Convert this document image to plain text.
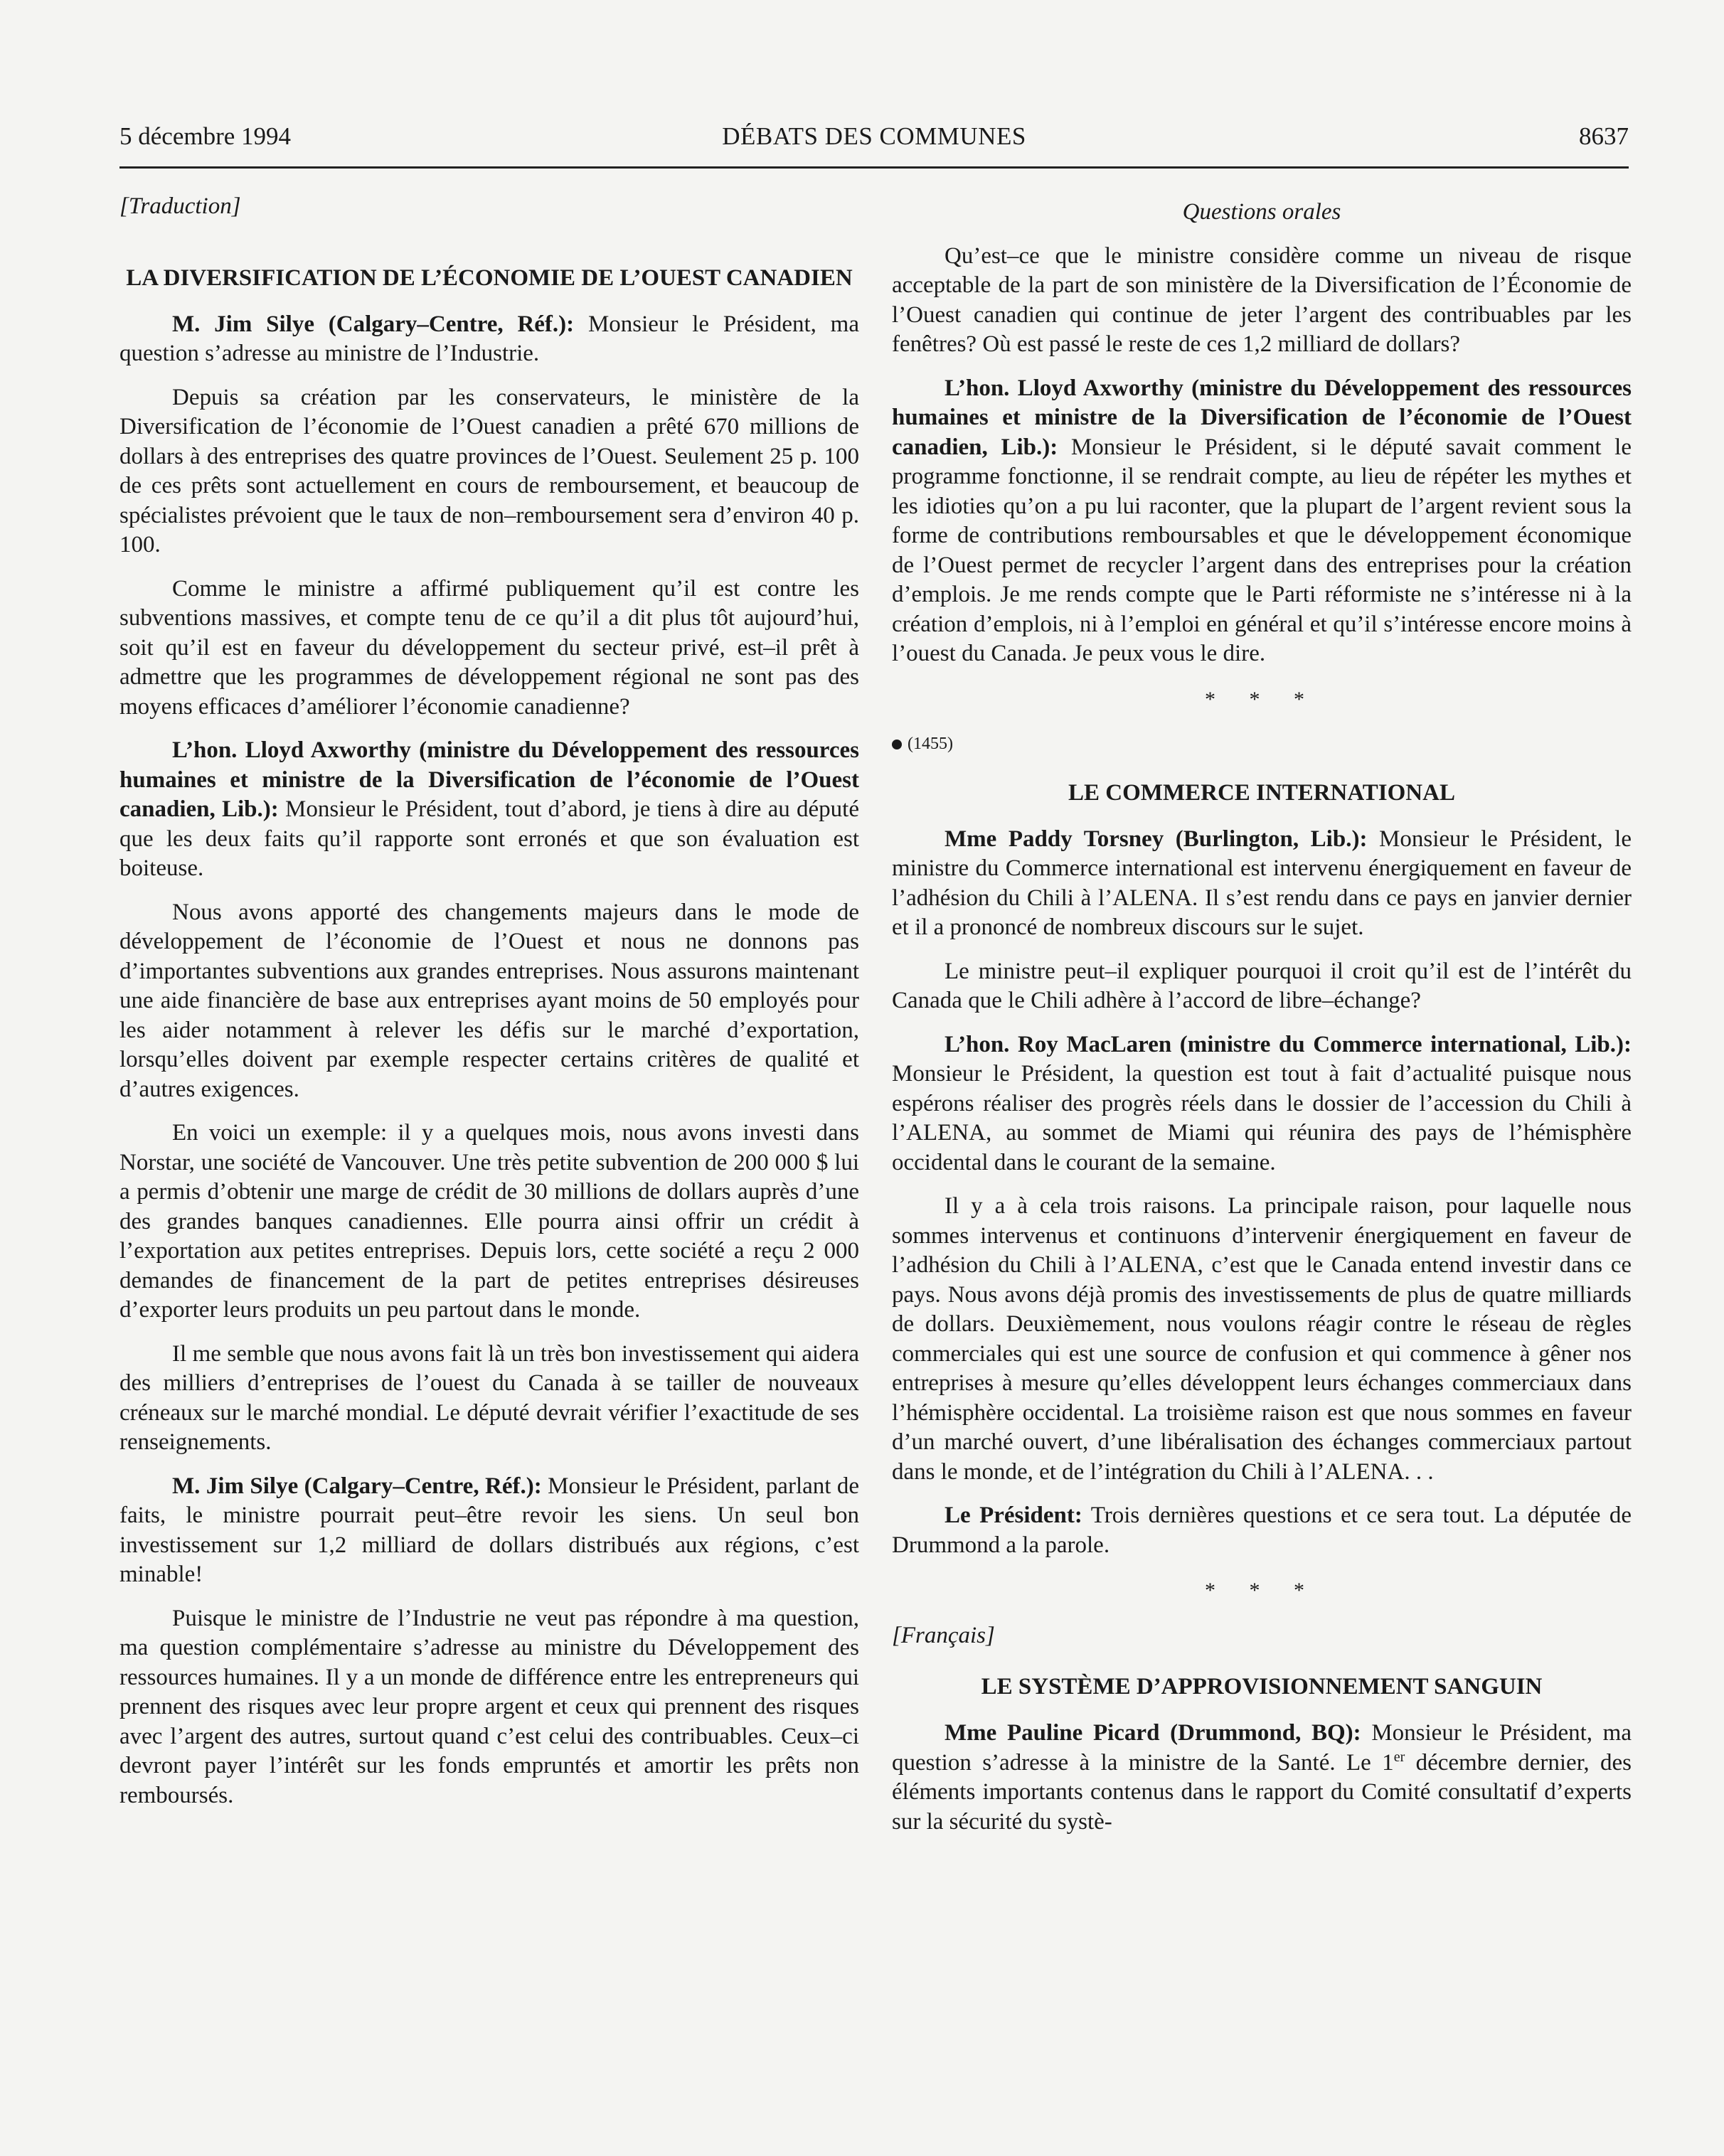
5 décembre 1994	DÉBATS DES COMMUNES	8637
[Traduction]
LA DIVERSIFICATION DE L’ÉCONOMIE DE L’OUEST CANADIEN

M. Jim Silye (Calgary–Centre, Réf.): Monsieur le Président, ma question s’adresse au ministre de l’Industrie.

Depuis sa création par les conservateurs, le ministère de la Diversification de l’économie de l’Ouest canadien a prêté 670 millions de dollars à des entreprises des quatre provinces de l’Ouest. Seulement 25 p. 100 de ces prêts sont actuellement en cours de remboursement, et beaucoup de spécialistes prévoient que le taux de non–remboursement sera d’environ 40 p. 100.

Comme le ministre a affirmé publiquement qu’il est contre les subventions massives, et compte tenu de ce qu’il a dit plus tôt aujourd’hui, soit qu’il est en faveur du développement du secteur privé, est–il prêt à admettre que les programmes de développement régional ne sont pas des moyens efficaces d’améliorer l’économie canadienne?

L’hon. Lloyd Axworthy (ministre du Développement des ressources humaines et ministre de la Diversification de l’économie de l’Ouest canadien, Lib.): Monsieur le Président, tout d’abord, je tiens à dire au député que les deux faits qu’il rapporte sont erronés et que son évaluation est boiteuse.

Nous avons apporté des changements majeurs dans le mode de développement de l’économie de l’Ouest et nous ne donnons pas d’importantes subventions aux grandes entreprises. Nous assurons maintenant une aide financière de base aux entreprises ayant moins de 50 employés pour les aider notamment à relever les défis sur le marché d’exportation, lorsqu’elles doivent par exemple respecter certains critères de qualité et d’autres exigences.

En voici un exemple: il y a quelques mois, nous avons investi dans Norstar, une société de Vancouver. Une très petite subvention de 200 000 $ lui a permis d’obtenir une marge de crédit de 30 millions de dollars auprès d’une des grandes banques canadiennes. Elle pourra ainsi offrir un crédit à l’exportation aux petites entreprises. Depuis lors, cette société a reçu 2 000 demandes de financement de la part de petites entreprises désireuses d’exporter leurs produits un peu partout dans le monde.

Il me semble que nous avons fait là un très bon investissement qui aidera des milliers d’entreprises de l’ouest du Canada à se tailler de nouveaux créneaux sur le marché mondial. Le député devrait vérifier l’exactitude de ses renseignements.

M. Jim Silye (Calgary–Centre, Réf.): Monsieur le Président, parlant de faits, le ministre pourrait peut–être revoir les siens. Un seul bon investissement sur 1,2 milliard de dollars distribués aux régions, c’est minable!

Puisque le ministre de l’Industrie ne veut pas répondre à ma question, ma question complémentaire s’adresse au ministre du Développement des ressources humaines. Il y a un monde de différence entre les entrepreneurs qui prennent des risques avec leur propre argent et ceux qui prennent des risques avec l’argent des autres, surtout quand c’est celui des contribuables. Ceux–ci devront payer l’intérêt sur les fonds empruntés et amortir les prêts non remboursés.

Questions orales

Qu’est–ce que le ministre considère comme un niveau de risque acceptable de la part de son ministère de la Diversification de l’Économie de l’Ouest canadien qui continue de jeter l’argent des contribuables par les fenêtres? Où est passé le reste de ces 1,2 milliard de dollars?

L’hon. Lloyd Axworthy (ministre du Développement des ressources humaines et ministre de la Diversification de l’économie de l’Ouest canadien, Lib.): Monsieur le Président, si le député savait comment le programme fonctionne, il se rendrait compte, au lieu de répéter les mythes et les idioties qu’on a pu lui raconter, que la plupart de l’argent revient sous la forme de contributions remboursables et que le développement économique de l’Ouest permet de recycler l’argent dans des entreprises pour la création d’emplois. Je me rends compte que le Parti réformiste ne s’intéresse ni à la création d’emplois, ni à l’emploi en général et qu’il s’intéresse encore moins à l’ouest du Canada. Je peux vous le dire.

* * *
(1455)
LE COMMERCE INTERNATIONAL

Mme Paddy Torsney (Burlington, Lib.): Monsieur le Président, le ministre du Commerce international est intervenu énergiquement en faveur de l’adhésion du Chili à l’ALENA. Il s’est rendu dans ce pays en janvier dernier et il a prononcé de nombreux discours sur le sujet.

Le ministre peut–il expliquer pourquoi il croit qu’il est de l’intérêt du Canada que le Chili adhère à l’accord de libre–échange?

L’hon. Roy MacLaren (ministre du Commerce international, Lib.): Monsieur le Président, la question est tout à fait d’actualité puisque nous espérons réaliser des progrès réels dans le dossier de l’accession du Chili à l’ALENA, au sommet de Miami qui réunira des pays de l’hémisphère occidental dans le courant de la semaine.

Il y a à cela trois raisons. La principale raison, pour laquelle nous sommes intervenus et continuons d’intervenir énergiquement en faveur de l’adhésion du Chili à l’ALENA, c’est que le Canada entend investir dans ce pays. Nous avons déjà promis des investissements de plus de quatre milliards de dollars. Deuxièmement, nous voulons réagir contre le réseau de règles commerciales qui est une source de confusion et qui commence à gêner nos entreprises à mesure qu’elles développent leurs échanges commerciaux dans l’hémisphère occidental. La troisième raison est que nous sommes en faveur d’un marché ouvert, d’une libéralisation des échanges commerciaux partout dans le monde, et de l’intégration du Chili à l’ALENA. . .

Le Président: Trois dernières questions et ce sera tout. La députée de Drummond a la parole.

* * *
[Français]
LE SYSTÈME D’APPROVISIONNEMENT SANGUIN

Mme Pauline Picard (Drummond, BQ): Monsieur le Président, ma question s’adresse à la ministre de la Santé. Le 1er décembre dernier, des éléments importants contenus dans le rapport du Comité consultatif d’experts sur la sécurité du systè-
